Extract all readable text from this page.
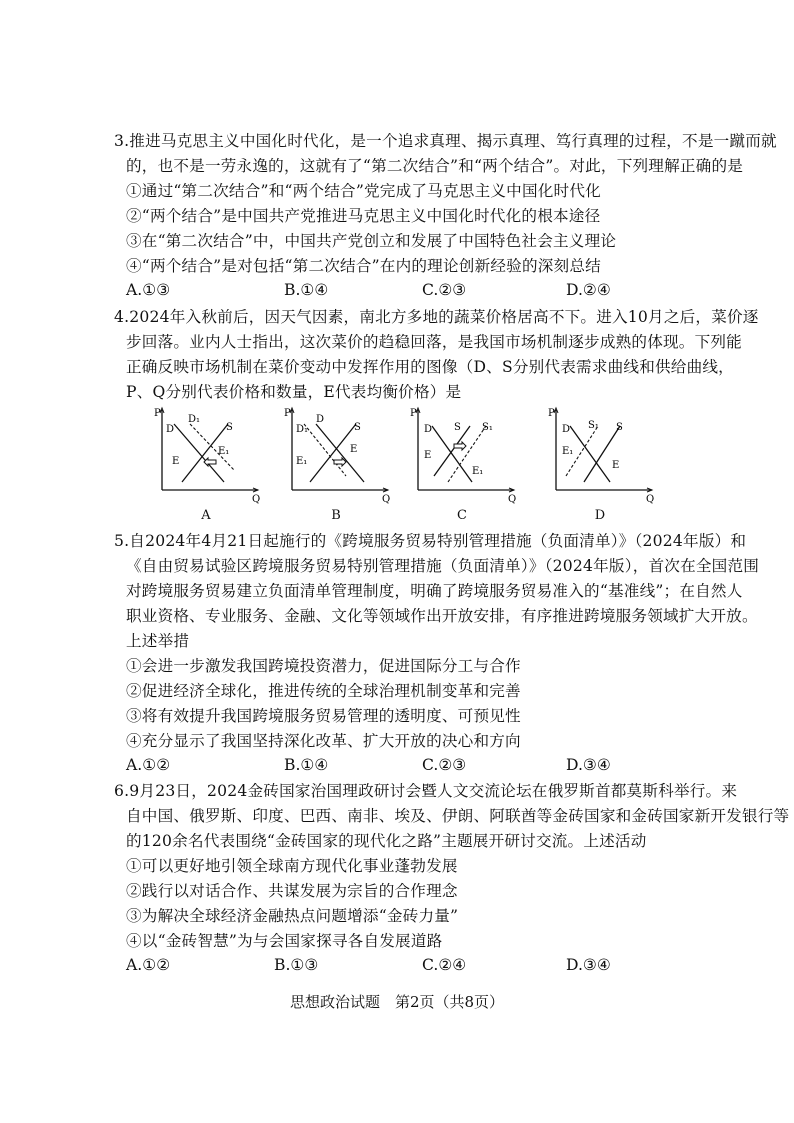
3.推进马克思主义中国化时代化，是一个追求真理、揭示真理、笃行真理的过程，不是一蹴而就
的，也不是一劳永逸的，这就有了“第二次结合”和“两个结合”。对此，下列理解正确的是
①通过“第二次结合”和“两个结合”党完成了马克思主义中国化时代化
②“两个结合”是中国共产党推进马克思主义中国化时代化的根本途径
③在“第二次结合”中，中国共产党创立和发展了中国特色社会主义理论
④“两个结合”是对包括“第二次结合”在内的理论创新经验的深刻总结
A.①③	B.①④	C.②③	D.②④
4.2024年入秋前后，因天气因素，南北方多地的蔬菜价格居高不下。进入10月之后，菜价逐
步回落。业内人士指出，这次菜价的趋稳回落，是我国市场机制逐步成熟的体现。下列能
正确反映市场机制在菜价变动中发挥作用的图像（D、S分别代表需求曲线和供给曲线，
P、Q分别代表价格和数量，E代表均衡价格）是
D
D₁
S
E
E₁
P
Q
A
D₁
D
S
E₁
E
P
Q
B
D S S₁
E
E₁
P
Q
C
D S₁ S
E₁
E
P
Q
D
5.自2024年4月21日起施行的《跨境服务贸易特别管理措施（负面清单）》（2024年版）和
《自由贸易试验区跨境服务贸易特别管理措施（负面清单）》（2024年版），首次在全国范围
对跨境服务贸易建立负面清单管理制度，明确了跨境服务贸易准入的“基准线”；在自然人
职业资格、专业服务、金融、文化等领域作出开放安排，有序推进跨境服务领域扩大开放。
上述举措
①会进一步激发我国跨境投资潜力，促进国际分工与合作
②促进经济全球化，推进传统的全球治理机制变革和完善
③将有效提升我国跨境服务贸易管理的透明度、可预见性
④充分显示了我国坚持深化改革、扩大开放的决心和方向
A.①②	B.①④	C.②③	D.③④
6.9月23日，2024金砖国家治国理政研讨会暨人文交流论坛在俄罗斯首都莫斯科举行。来
自中国、俄罗斯、印度、巴西、南非、埃及、伊朗、阿联酋等金砖国家和金砖国家新开发银行等
的120余名代表围绕“金砖国家的现代化之路”主题展开研讨交流。上述活动
①可以更好地引领全球南方现代化事业蓬勃发展
②践行以对话合作、共谋发展为宗旨的合作理念
③为解决全球经济金融热点问题增添“金砖力量”
④以“金砖智慧”为与会国家探寻各自发展道路
A.①②	B.①③	C.②④	D.③④
思想政治试题　第2页（共8页）
